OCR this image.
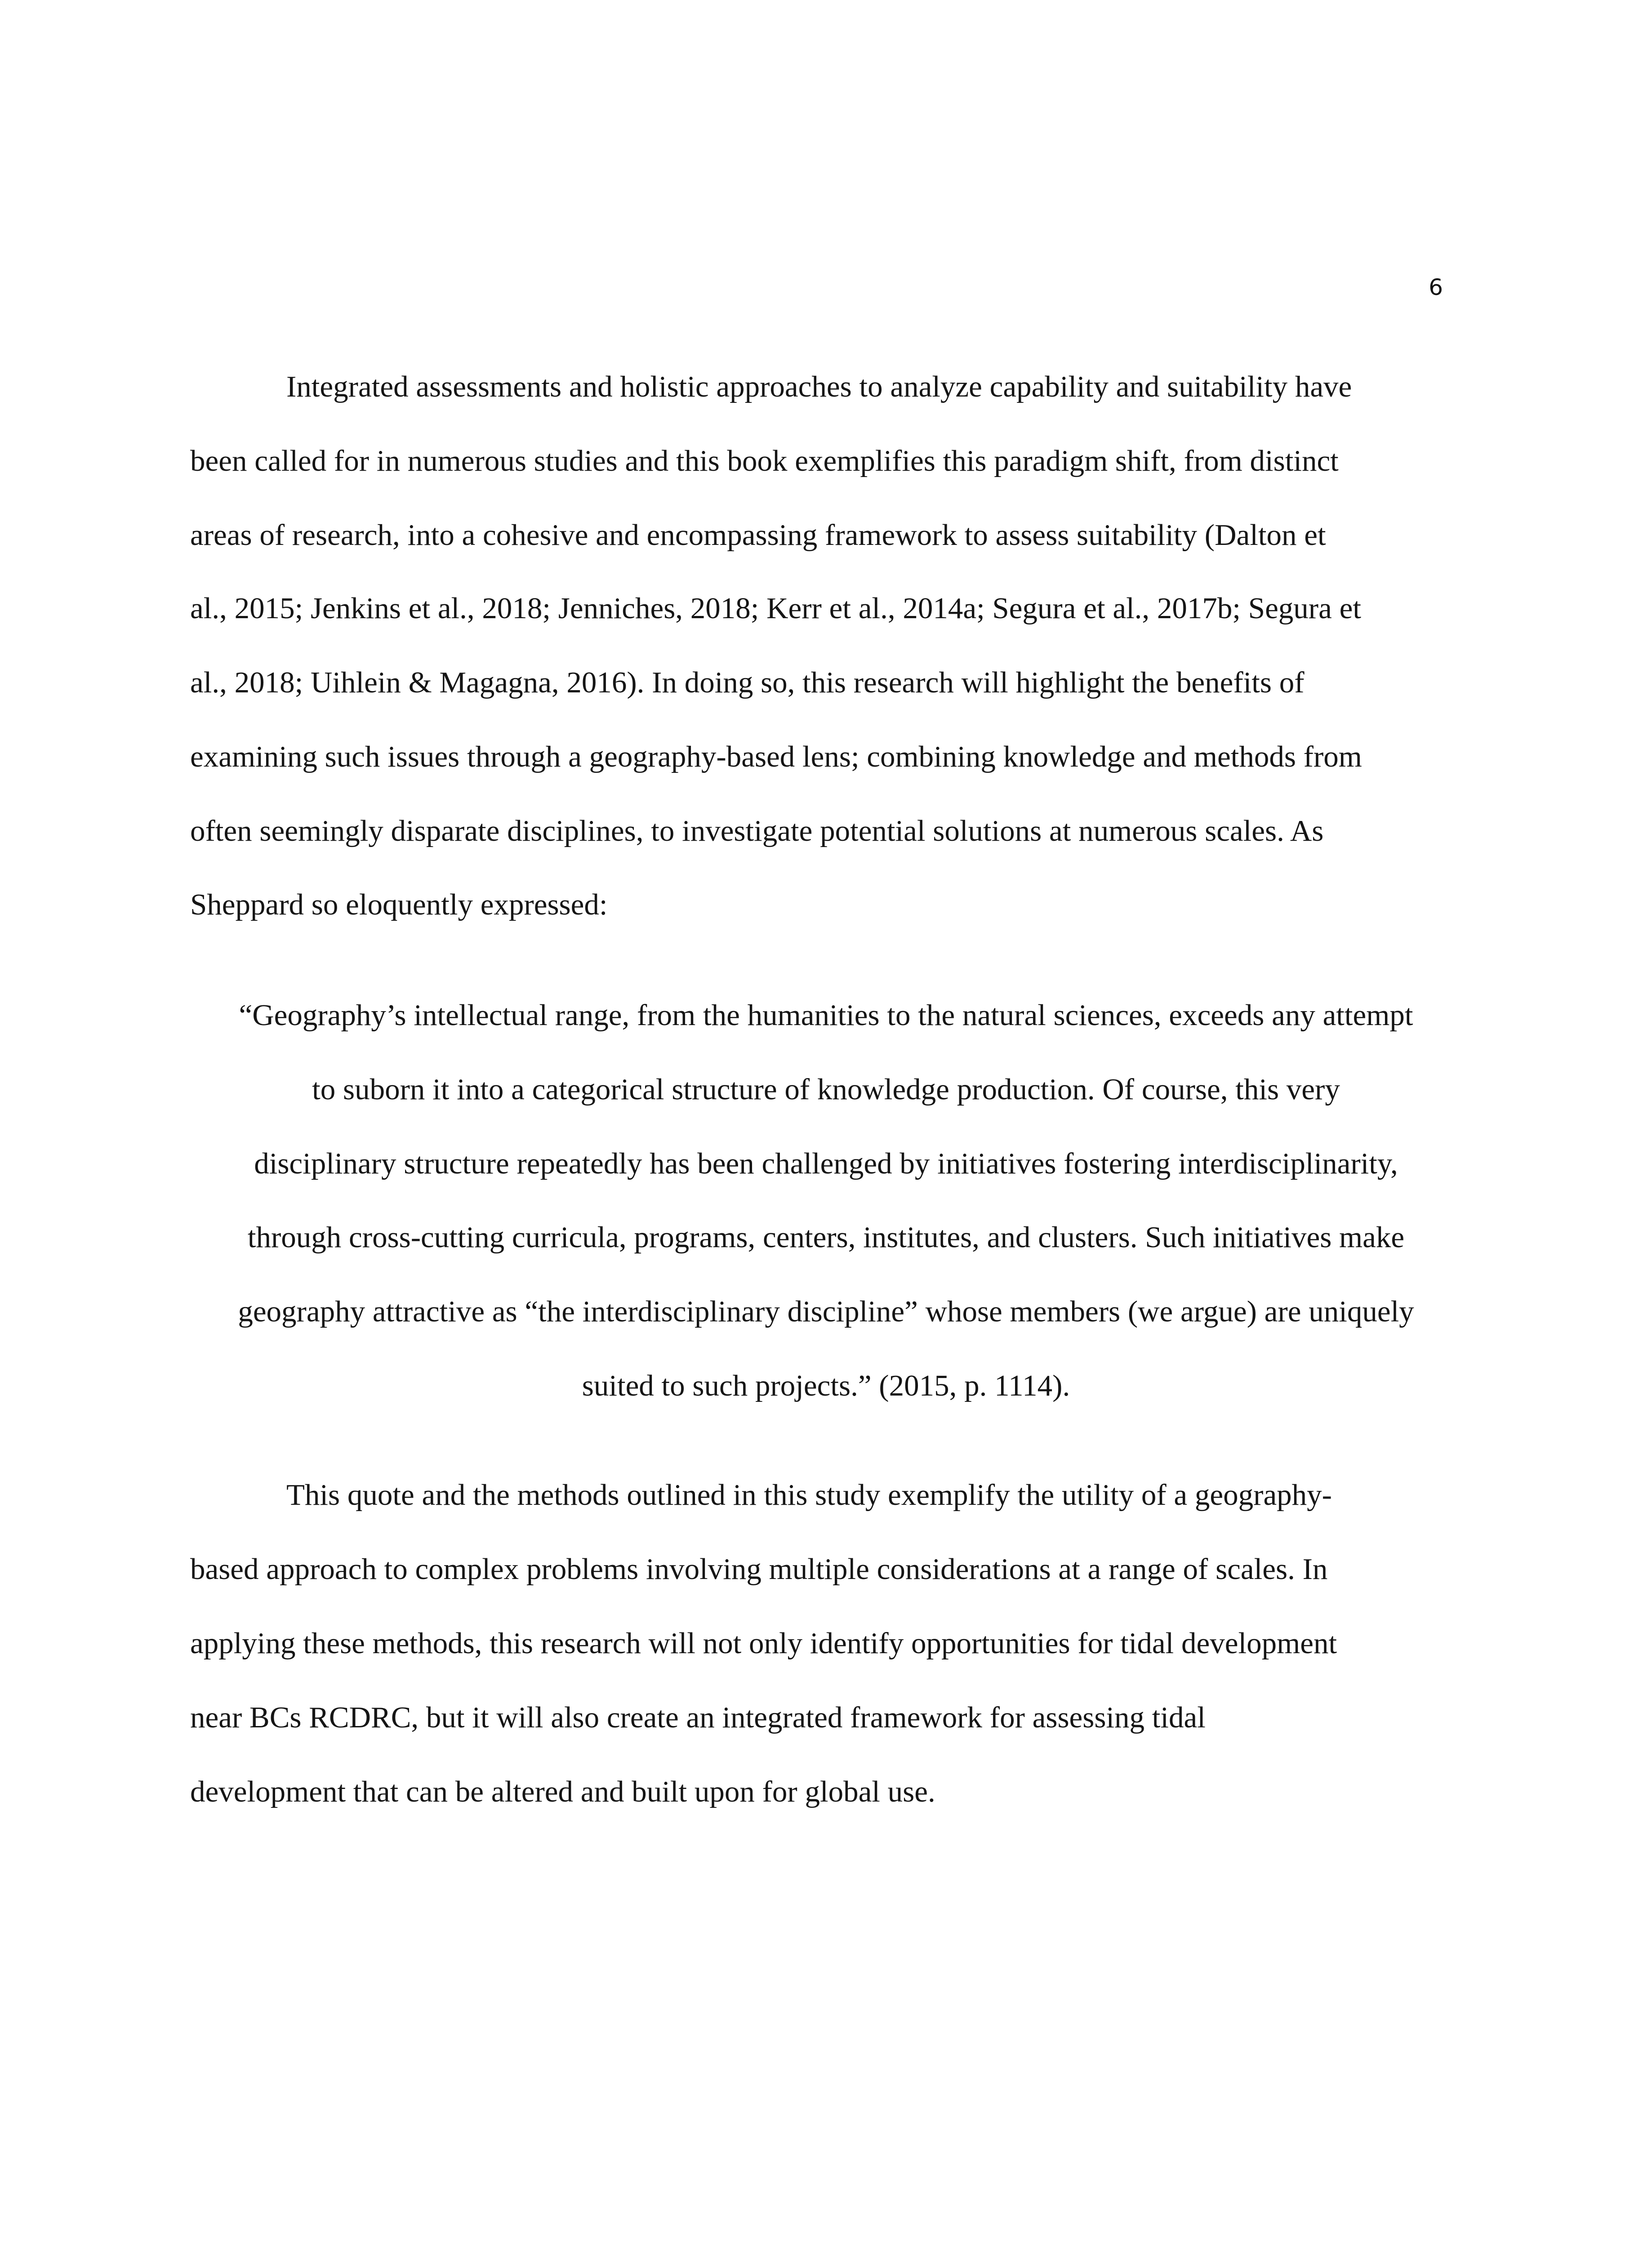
6
Integrated assessments and holistic approaches to analyze capability and suitability have
been called for in numerous studies and this book exemplifies this paradigm shift, from distinct
areas of research, into a cohesive and encompassing framework to assess suitability (Dalton et
al., 2015; Jenkins et al., 2018; Jenniches, 2018; Kerr et al., 2014a; Segura et al., 2017b; Segura et
al., 2018; Uihlein & Magagna, 2016). In doing so, this research will highlight the benefits of
examining such issues through a geography-based lens; combining knowledge and methods from
often seemingly disparate disciplines, to investigate potential solutions at numerous scales. As
Sheppard so eloquently expressed:
“Geography’s intellectual range, from the humanities to the natural sciences, exceeds any attempt
to suborn it into a categorical structure of knowledge production. Of course, this very
disciplinary structure repeatedly has been challenged by initiatives fostering interdisciplinarity,
through cross-cutting curricula, programs, centers, institutes, and clusters. Such initiatives make
geography attractive as “the interdisciplinary discipline” whose members (we argue) are uniquely
suited to such projects.” (2015, p. 1114).
This quote and the methods outlined in this study exemplify the utility of a geography-
based approach to complex problems involving multiple considerations at a range of scales. In
applying these methods, this research will not only identify opportunities for tidal development
near BCs RCDRC, but it will also create an integrated framework for assessing tidal
development that can be altered and built upon for global use.
